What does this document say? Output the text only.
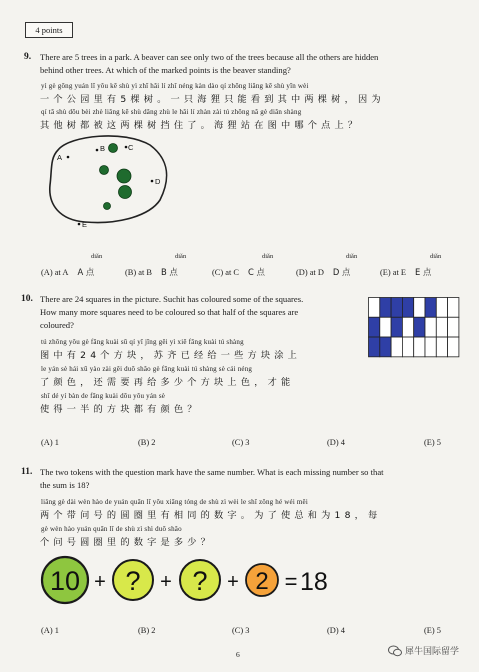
4 points
9. There are 5 trees in a park. A beaver can see only two of the trees because all the others are hidden
behind other trees. At which of the marked points is the beaver standing?
yì gè gōng yuán lǐ yǒu kē shù yì zhī hǎi lí zhǐ néng kàn dào qí zhōng liǎng kē shù yīn wèi
一个公园里有5棵树。一只海狸只能看到其中两棵树，因为
qí tā shù dōu bèi zhè liǎng kē shù dǎng zhù le hǎi lí zhàn zài tú zhōng nǎ gè diǎn shàng
其他树都被这两棵树挡住了。海狸站在图中哪个点上？
A
B	C
D
E
(A) at A A 点
diǎn
(B) at B B 点
diǎn
(C) at C C 点
diǎn
(D) at D D 点
diǎn
(E) at E E 点
diǎn
10. There are 24 squares in the picture. Suchit has coloured some of the squares.
How many more squares need to be coloured so that half of the squares are
coloured?
tú zhōng yǒu gè fāng kuài sū qí yǐ jīng gěi yì xiē fāng kuài tú shàng
图中有24个方块，苏齐已经给一些方块涂上
le yán sè hái xū yào zài gěi duō shǎo gè fāng kuài tú shàng sè cái néng
了颜色，还需要再给多少个方块上色，才能
shǐ dé yí bàn de fāng kuài dōu yǒu yán sè
使得一半的方块都有颜色？
(A) 1	(B) 2	(C) 3	(D) 4	(E) 5
11. The two tokens with the question mark have the same number. What is each missing number so that
the sum is 18?
liǎng gè dài wèn hào de yuán quān lǐ yǒu xiāng tóng de shù zì wèi le shǐ zǒng hé wéi měi
两个带问号的圆圈里有相同的数字。为了使总和为18，每
gè wèn hào yuán quān lǐ de shù zì shì duō shǎo
个问号圆圈里的数字是多少？
10 + ? + ? + 2 = 18
(A) 1	(B) 2	(C) 3	(D) 4	(E) 5
6	犀牛国际留学
